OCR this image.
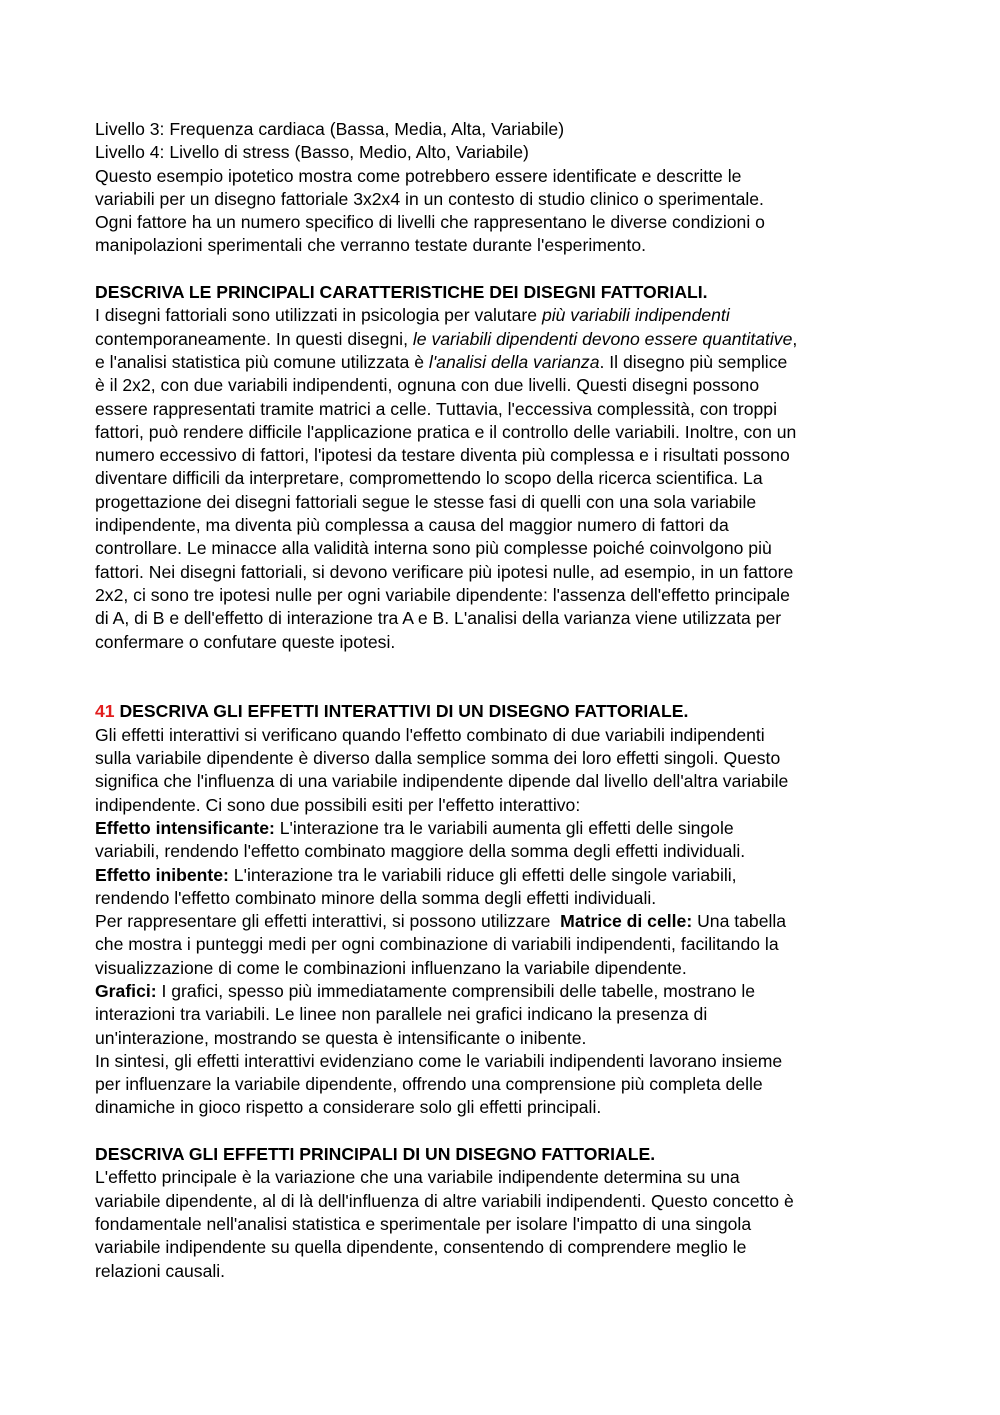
Livello 3: Frequenza cardiaca (Bassa, Media, Alta, Variabile)
Livello 4: Livello di stress (Basso, Medio, Alto, Variabile)
Questo esempio ipotetico mostra come potrebbero essere identificate e descritte le
variabili per un disegno fattoriale 3x2x4 in un contesto di studio clinico o sperimentale.
Ogni fattore ha un numero specifico di livelli che rappresentano le diverse condizioni o
manipolazioni sperimentali che verranno testate durante l'esperimento.
DESCRIVA LE PRINCIPALI CARATTERISTICHE DEI DISEGNI FATTORIALI.
I disegni fattoriali sono utilizzati in psicologia per valutare più variabili indipendenti
contemporaneamente. In questi disegni, le variabili dipendenti devono essere quantitative,
e l'analisi statistica più comune utilizzata è l'analisi della varianza. Il disegno più semplice
è il 2x2, con due variabili indipendenti, ognuna con due livelli. Questi disegni possono
essere rappresentati tramite matrici a celle. Tuttavia, l'eccessiva complessità, con troppi
fattori, può rendere difficile l'applicazione pratica e il controllo delle variabili. Inoltre, con un
numero eccessivo di fattori, l'ipotesi da testare diventa più complessa e i risultati possono
diventare difficili da interpretare, compromettendo lo scopo della ricerca scientifica. La
progettazione dei disegni fattoriali segue le stesse fasi di quelli con una sola variabile
indipendente, ma diventa più complessa a causa del maggior numero di fattori da
controllare. Le minacce alla validità interna sono più complesse poiché coinvolgono più
fattori. Nei disegni fattoriali, si devono verificare più ipotesi nulle, ad esempio, in un fattore
2x2, ci sono tre ipotesi nulle per ogni variabile dipendente: l'assenza dell'effetto principale
di A, di B e dell'effetto di interazione tra A e B. L'analisi della varianza viene utilizzata per
confermare o confutare queste ipotesi.
41 DESCRIVA GLI EFFETTI INTERATTIVI DI UN DISEGNO FATTORIALE.
Gli effetti interattivi si verificano quando l'effetto combinato di due variabili indipendenti
sulla variabile dipendente è diverso dalla semplice somma dei loro effetti singoli. Questo
significa che l'influenza di una variabile indipendente dipende dal livello dell'altra variabile
indipendente. Ci sono due possibili esiti per l'effetto interattivo:
Effetto intensificante: L'interazione tra le variabili aumenta gli effetti delle singole
variabili, rendendo l'effetto combinato maggiore della somma degli effetti individuali.
Effetto inibente: L'interazione tra le variabili riduce gli effetti delle singole variabili,
rendendo l'effetto combinato minore della somma degli effetti individuali.
Per rappresentare gli effetti interattivi, si possono utilizzare  Matrice di celle: Una tabella
che mostra i punteggi medi per ogni combinazione di variabili indipendenti, facilitando la
visualizzazione di come le combinazioni influenzano la variabile dipendente.
Grafici: I grafici, spesso più immediatamente comprensibili delle tabelle, mostrano le
interazioni tra variabili. Le linee non parallele nei grafici indicano la presenza di
un'interazione, mostrando se questa è intensificante o inibente.
In sintesi, gli effetti interattivi evidenziano come le variabili indipendenti lavorano insieme
per influenzare la variabile dipendente, offrendo una comprensione più completa delle
dinamiche in gioco rispetto a considerare solo gli effetti principali.
DESCRIVA GLI EFFETTI PRINCIPALI DI UN DISEGNO FATTORIALE.
L'effetto principale è la variazione che una variabile indipendente determina su una
variabile dipendente, al di là dell'influenza di altre variabili indipendenti. Questo concetto è
fondamentale nell'analisi statistica e sperimentale per isolare l'impatto di una singola
variabile indipendente su quella dipendente, consentendo di comprendere meglio le
relazioni causali.
